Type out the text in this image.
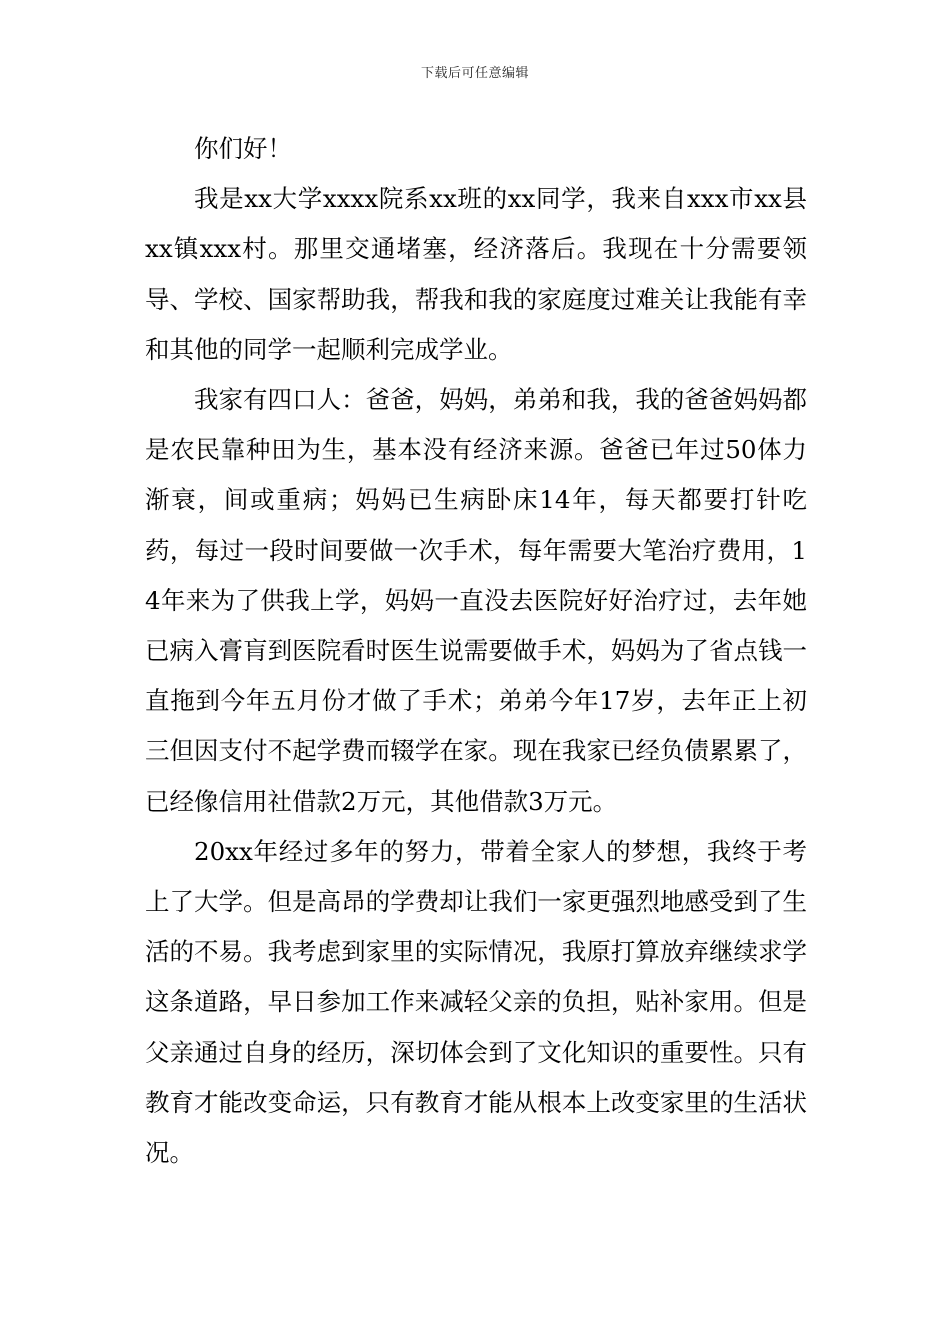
下载后可任意编辑

你们好！

我是xx大学xxxx院系xx班的xx同学，我来自xxx市xx县xx镇xxx村。那里交通堵塞，经济落后。我现在十分需要领导、学校、国家帮助我，帮我和我的家庭度过难关让我能有幸和其他的同学一起顺利完成学业。

我家有四口人：爸爸，妈妈，弟弟和我，我的爸爸妈妈都是农民靠种田为生，基本没有经济来源。爸爸已年过50体力渐衰，间或重病；妈妈已生病卧床14年，每天都要打针吃药，每过一段时间要做一次手术，每年需要大笔治疗费用，14年来为了供我上学，妈妈一直没去医院好好治疗过，去年她已病入膏肓到医院看时医生说需要做手术，妈妈为了省点钱一直拖到今年五月份才做了手术；弟弟今年17岁，去年正上初三但因支付不起学费而辍学在家。现在我家已经负债累累了，已经像信用社借款2万元，其他借款3万元。

20xx年经过多年的努力，带着全家人的梦想，我终于考上了大学。但是高昂的学费却让我们一家更强烈地感受到了生活的不易。我考虑到家里的实际情况，我原打算放弃继续求学这条道路，早日参加工作来减轻父亲的负担，贴补家用。但是父亲通过自身的经历，深切体会到了文化知识的重要性。只有教育才能改变命运，只有教育才能从根本上改变家里的生活状况。
